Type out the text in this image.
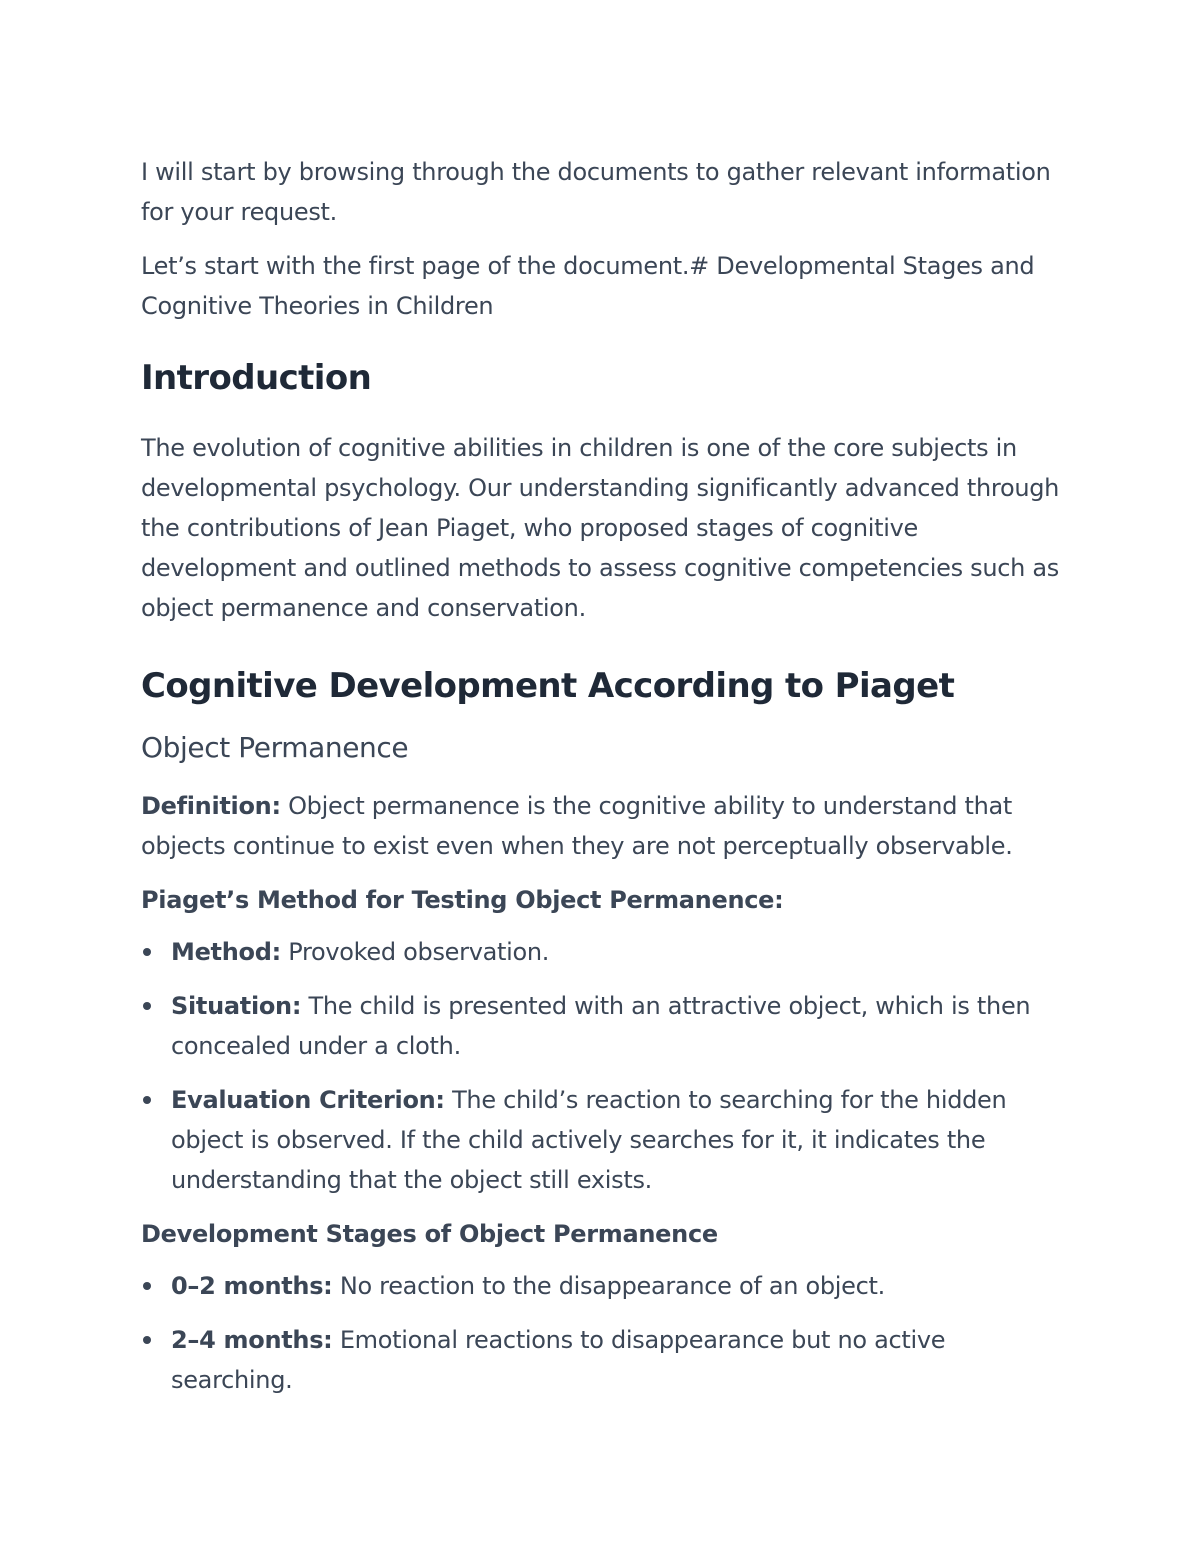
I will start by browsing through the documents to gather relevant information for your request.

Let’s start with the first page of the document.# Developmental Stages and Cognitive Theories in Children

Introduction

The evolution of cognitive abilities in children is one of the core subjects in developmental psychology. Our understanding significantly advanced through the contributions of Jean Piaget, who proposed stages of cognitive development and outlined methods to assess cognitive competencies such as object permanence and conservation.

Cognitive Development According to Piaget
Object Permanence

Definition: Object permanence is the cognitive ability to understand that objects continue to exist even when they are not perceptually observable.

Piaget’s Method for Testing Object Permanence:

Method: Provoked observation.
Situation: The child is presented with an attractive object, which is then concealed under a cloth.
Evaluation Criterion: The child’s reaction to searching for the hidden object is observed. If the child actively searches for it, it indicates the understanding that the object still exists.

Development Stages of Object Permanence

0–2 months: No reaction to the disappearance of an object.
2–4 months: Emotional reactions to disappearance but no active searching.
